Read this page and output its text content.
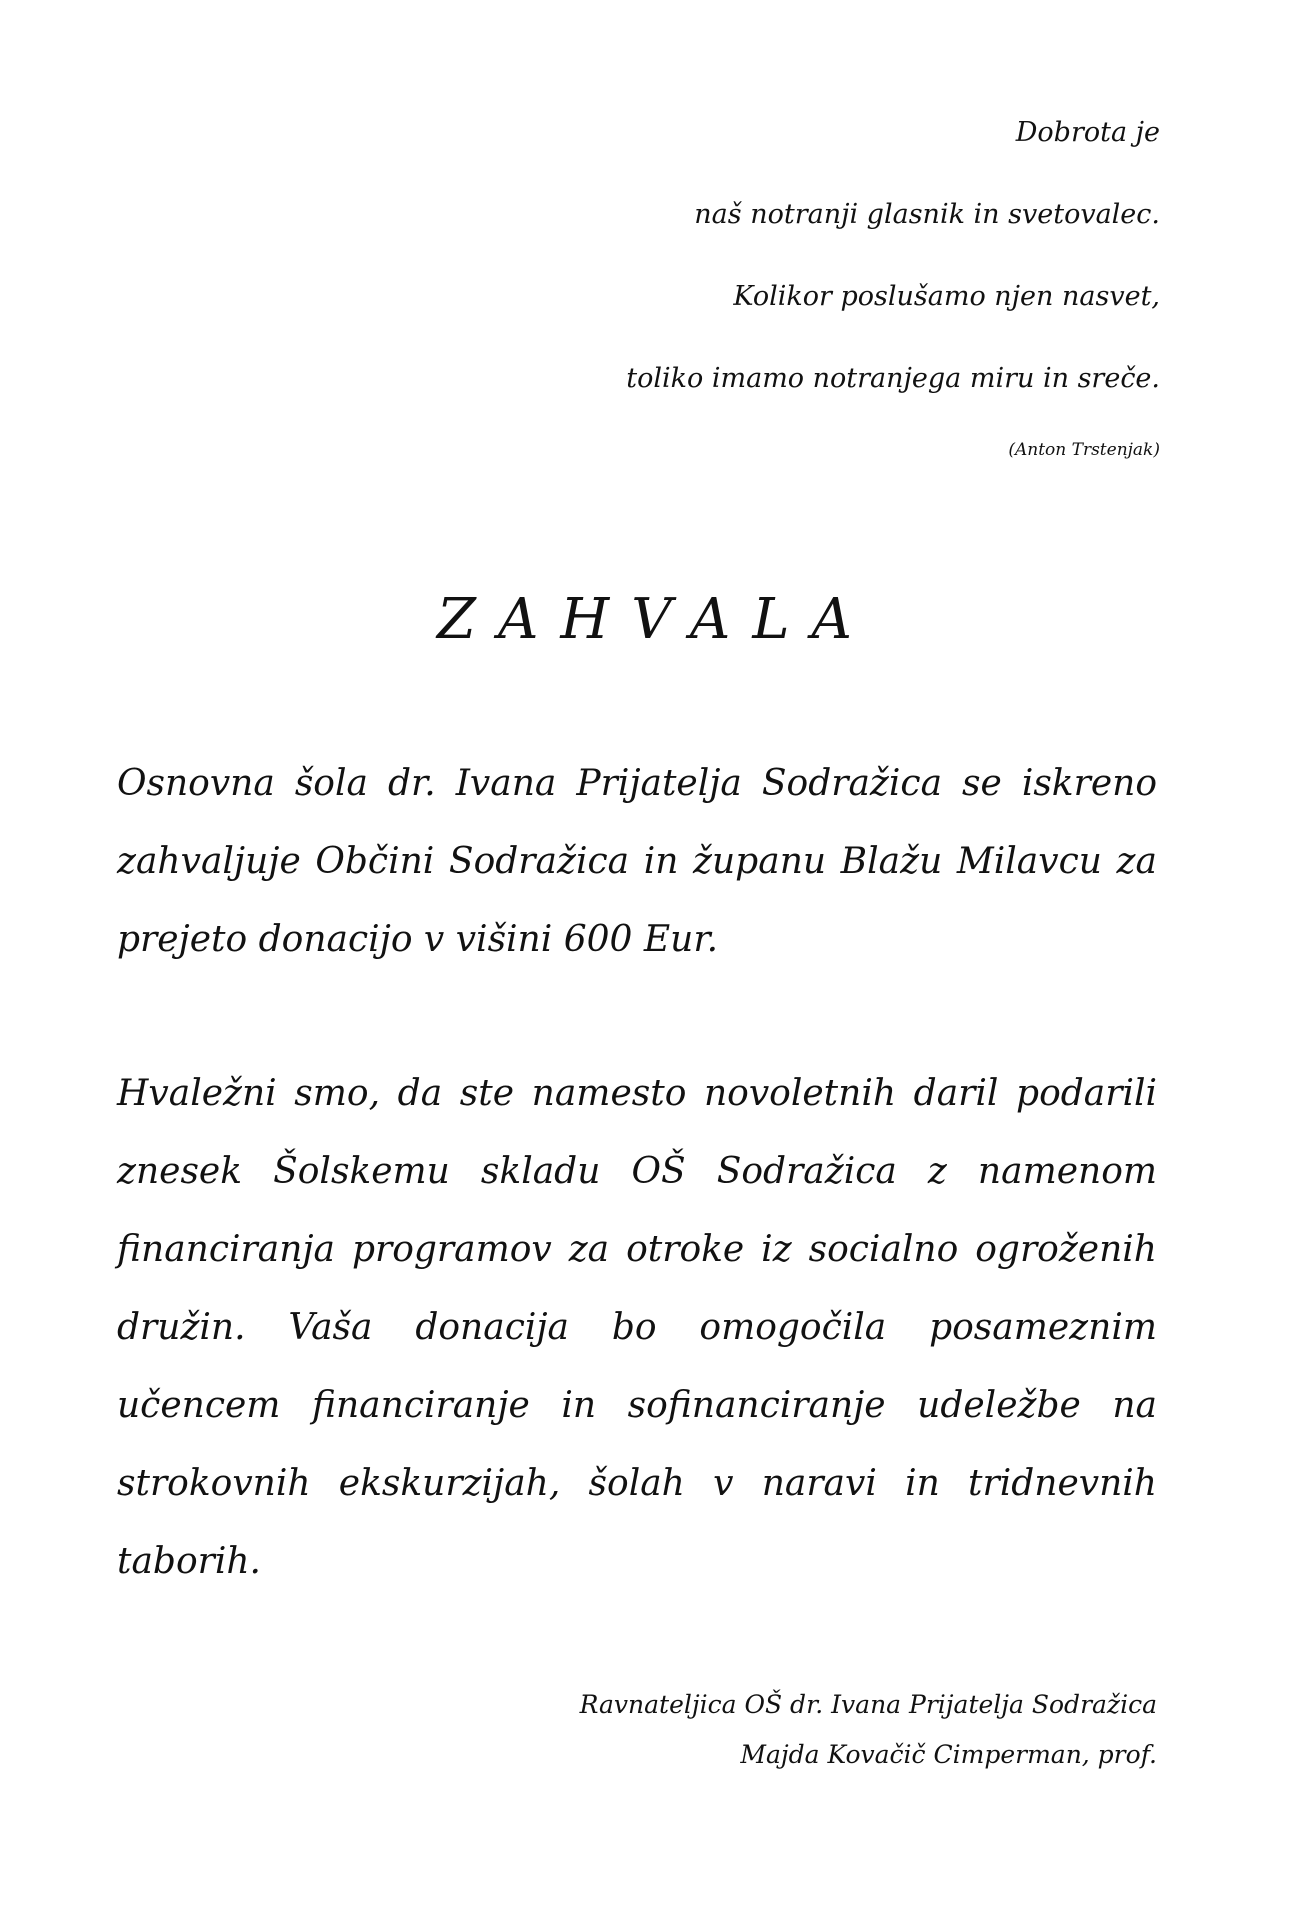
Dobrota je
naš notranji glasnik in svetovalec.
Kolikor poslušamo njen nasvet,
toliko imamo notranjega miru in sreče.
(Anton Trstenjak)
ZAHVALA
Osnovna šola dr. Ivana Prijatelja Sodražica se iskreno zahvaljuje Občini Sodražica in županu Blažu Milavcu za prejeto donacijo v višini 600 Eur.
Hvaležni smo, da ste namesto novoletnih daril podarili znesek Šolskemu skladu OŠ Sodražica z namenom financiranja programov za otroke iz socialno ogroženih družin. Vaša donacija bo omogočila posameznim učencem financiranje in sofinanciranje udeležbe na strokovnih ekskurzijah, šolah v naravi in tridnevnih taborih.
Ravnateljica OŠ dr. Ivana Prijatelja Sodražica
Majda Kovačič Cimperman, prof.
